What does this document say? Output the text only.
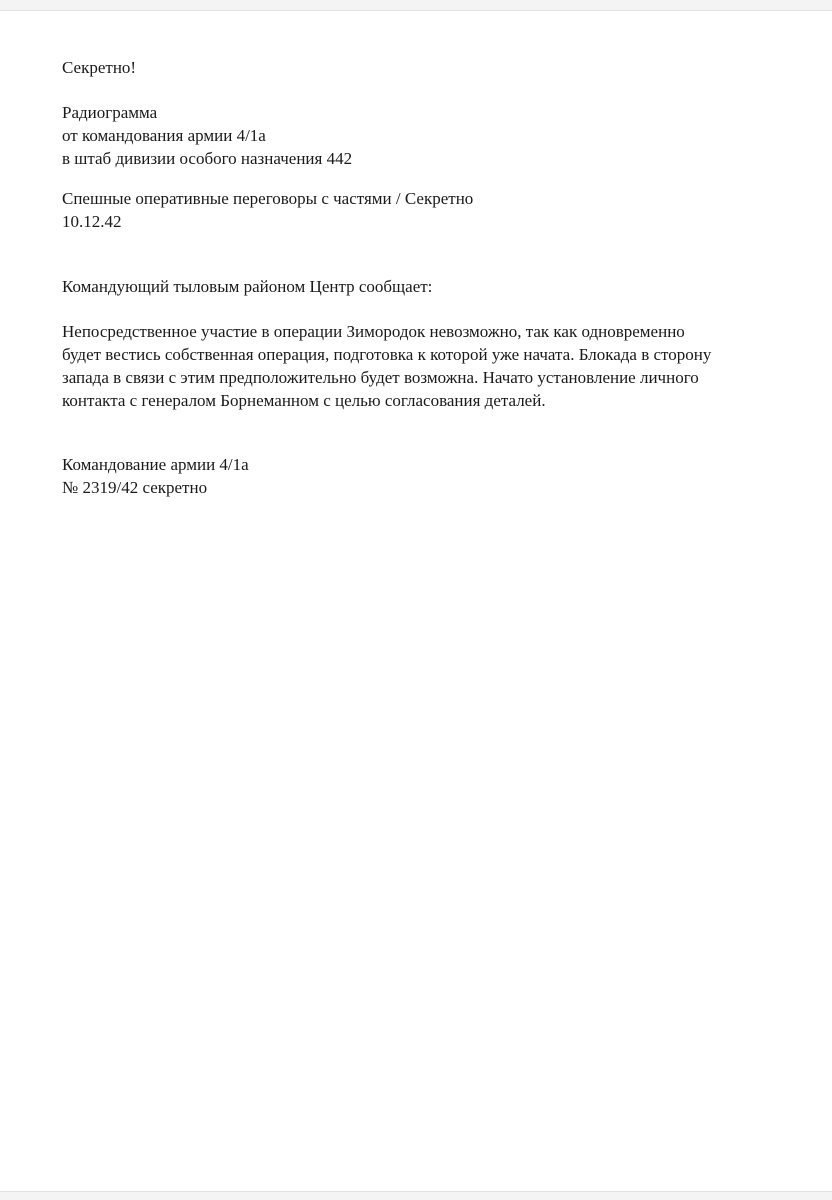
Секретно!
Радиограмма
от командования армии 4/1а
в штаб дивизии особого назначения 442
Спешные оперативные переговоры с частями / Секретно
10.12.42
Командующий тыловым районом Центр сообщает:
Непосредственное участие в операции Зимородок невозможно, так как одновременно
будет вестись собственная операция, подготовка к которой уже начата. Блокада в сторону
запада в связи с этим предположительно будет возможна. Начато установление личного
контакта с генералом Борнеманном с целью согласования деталей.
Командование армии 4/1а
№ 2319/42 секретно
